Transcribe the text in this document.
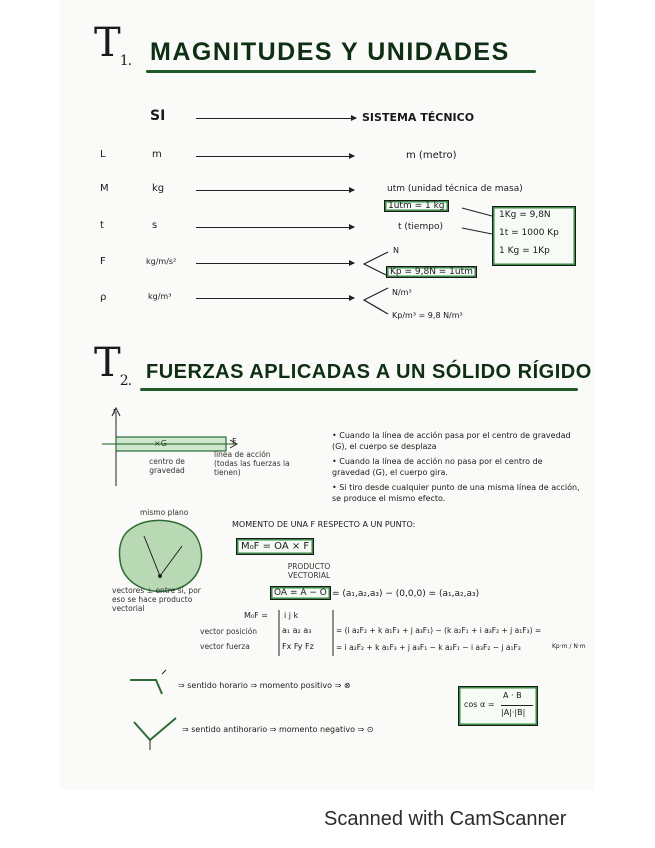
$T_{1.}$ MAGNITUDES Y UNIDADES
SI	SISTEMA TÉCNICO
L	m	m (metro)
M	kg	utm (unidad técnica de masa)
1utm = 1 kg
t	s	t (tiempo)
1Kg = 9,8N
1t = 1000 Kp
1 Kg = 1Kp
F	kg/m/s²
N
Kp = 9,8N = 1utm
ρ	kg/m³	N/m³
Kp/m³ = 9,8 N/m³
$T_{2.}$ FUERZAS APLICADAS A UN SÓLIDO RÍGIDO
F
×G	F
centro de gravedad
línea de acción (todas las fuerzas la tienen)
• Cuando la línea de acción pasa por el centro de gravedad (G), el cuerpo se desplaza
• Cuando la línea de acción no pasa por el centro de gravedad (G), el cuerpo gira.
• Si tiro desde cualquier punto de una misma línea de acción, se produce el mismo efecto.
mismo plano
vectores ⊥ entre sí, por eso se hace producto vectorial
MOMENTO DE UNA F RESPECTO A UN PUNTO:
M₀F = OA × F
PRODUCTO VECTORIAL
OA = A − O = (a₁,a₂,a₃) − (0,0,0) = (a₁,a₂,a₃)
M₀F = i j k
vector posición	a₁ a₂ a₃
vector fuerza	Fx Fy Fz
= (i a₂F₂ + k a₁F₃ + j a₃F₁) − (k a₂F₁ + i a₃F₂ + j a₁F₃) =
= i a₂F₂ + k a₁F₃ + j a₃F₁ − k a₂F₁ − i a₃F₂ − j a₁F₃	Kp·m / N·m
⇒ sentido horario ⇒ momento positivo ⇒ ⊗
⇒ sentido antihorario ⇒ momento negativo ⇒ ⊙
cos α =
A · B
|A|·|B|
Scanned with CamScanner
